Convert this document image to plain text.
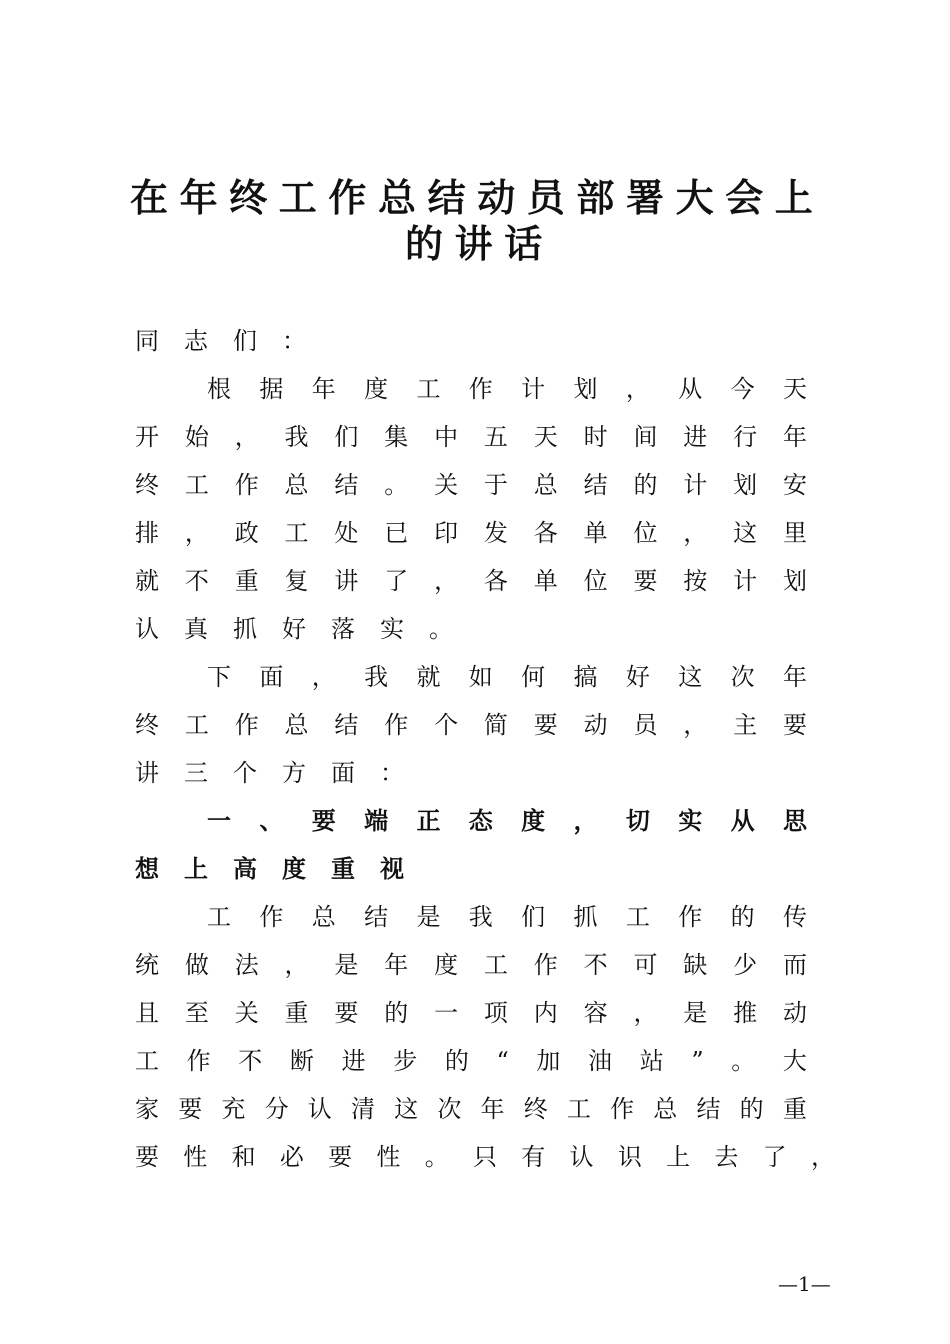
在年终工作总结动员部署大会上
的讲话
同 志 们 ：
根 据 年 度 工 作 计 划 ， 从 今 天
开 始 ， 我 们 集 中 五 天 时 间 进 行 年
终 工 作 总 结 。 关 于 总 结 的 计 划 安
排 ， 政 工 处 已 印 发 各 单 位 ， 这 里
就 不 重 复 讲 了 ， 各 单 位 要 按 计 划
认 真 抓 好 落 实 。
下 面 ， 我 就 如 何 搞 好 这 次 年
终 工 作 总 结 作 个 简 要 动 员 ， 主 要
讲 三 个 方 面 ：
一 、 要 端 正 态 度 ， 切 实 从 思
想 上 高 度 重 视
工 作 总 结 是 我 们 抓 工 作 的 传
统 做 法 ， 是 年 度 工 作 不 可 缺 少 而
且 至 关 重 要 的 一 项 内 容 ， 是 推 动
工 作 不 断 进 步 的 “ 加 油 站 ” 。 大
家 要 充 分 认 清 这 次 年 终 工 作 总 结 的 重
要 性 和 必 要 性 。 只 有 认 识 上 去 了 ，
—1—
